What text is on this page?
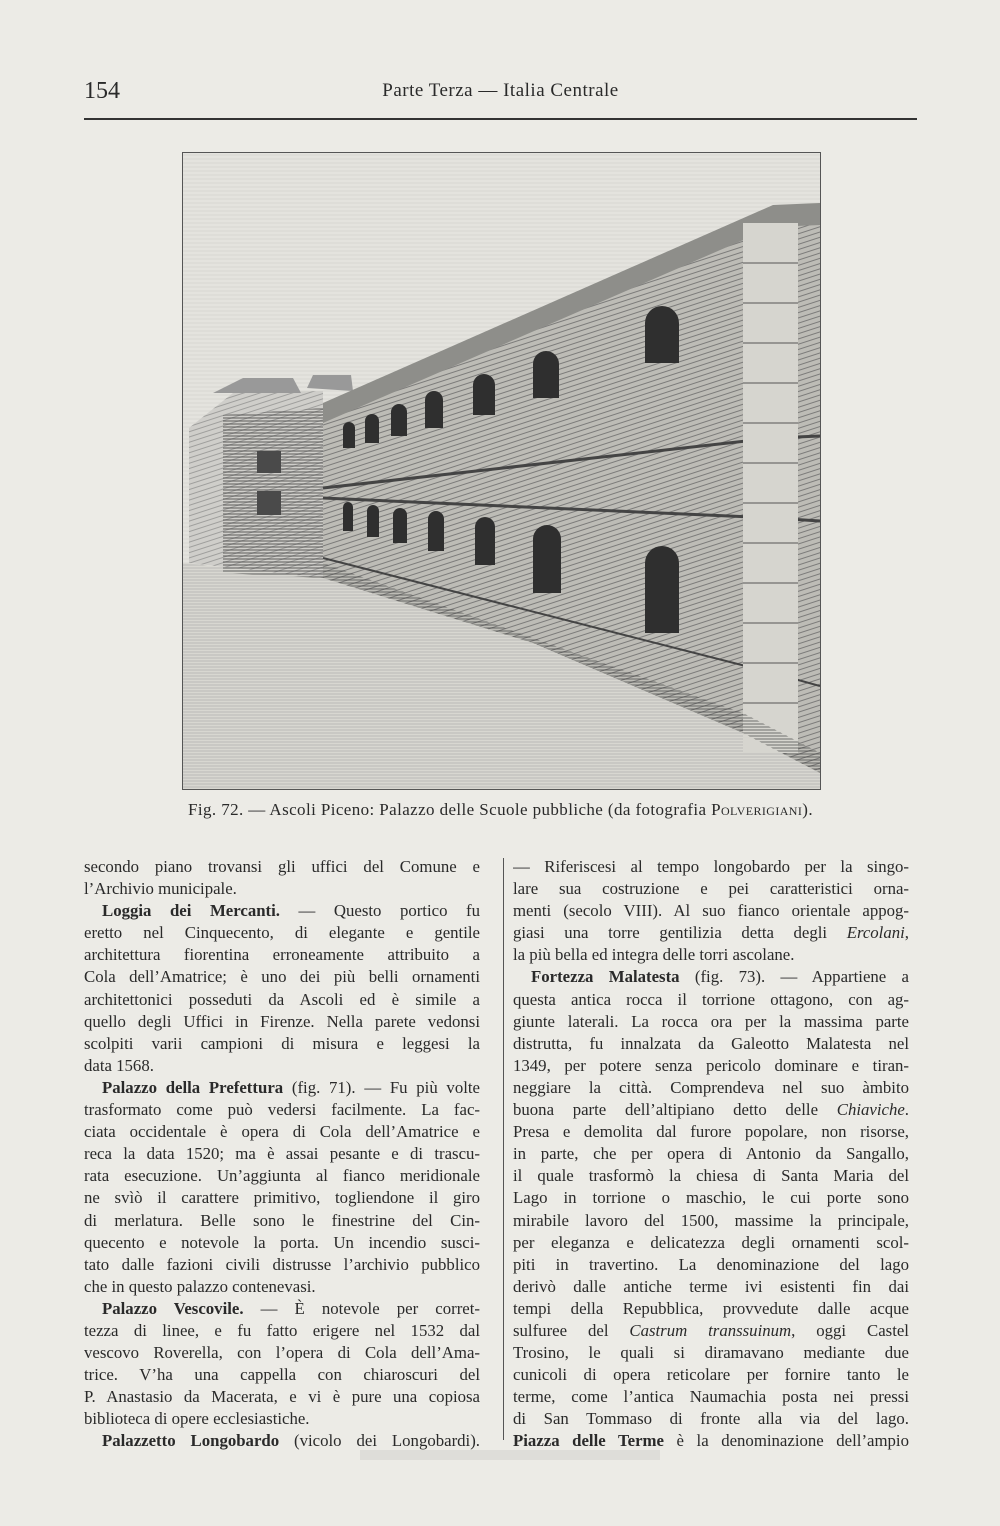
154	Parte Terza — Italia Centrale
Fig. 72. — Ascoli Piceno: Palazzo delle Scuole pubbliche (da fotografia Polverigiani).
secondo piano trovansi gli uffici del Comune e
l’Archivio municipale.
Loggia dei Mercanti. — Questo portico fu
eretto nel Cinquecento, di elegante e gentile
architettura fiorentina erroneamente attribuito a
Cola dell’Amatrice; è uno dei più belli ornamenti
architettonici posseduti da Ascoli ed è simile a
quello degli Uffici in Firenze. Nella parete vedonsi
scolpiti varii campioni di misura e leggesi la
data 1568.
Palazzo della Prefettura (fig. 71). — Fu più volte
trasformato come può vedersi facilmente. La fac-
ciata occidentale è opera di Cola dell’Amatrice e
reca la data 1520; ma è assai pesante e di trascu-
rata esecuzione. Un’aggiunta al fianco meridionale
ne svìò il carattere primitivo, togliendone il giro
di merlatura. Belle sono le finestrine del Cin-
quecento e notevole la porta. Un incendio susci-
tato dalle fazioni civili distrusse l’archivio pubblico
che in questo palazzo contenevasi.
Palazzo Vescovile. — È notevole per corret-
tezza di linee, e fu fatto erigere nel 1532 dal
vescovo Roverella, con l’opera di Cola dell’Ama-
trice. V’ha una cappella con chiaroscuri del
P. Anastasio da Macerata, e vi è pure una copiosa
biblioteca di opere ecclesiastiche.
Palazzetto Longobardo (vicolo dei Longobardi).
— Riferiscesi al tempo longobardo per la singo-
lare sua costruzione e pei caratteristici orna-
menti (secolo VIII). Al suo fianco orientale appog-
giasi una torre gentilizia detta degli Ercolani,
la più bella ed integra delle torri ascolane.
Fortezza Malatesta (fig. 73). — Appartiene a
questa antica rocca il torrione ottagono, con ag-
giunte laterali. La rocca ora per la massima parte
distrutta, fu innalzata da Galeotto Malatesta nel
1349, per potere senza pericolo dominare e tiran-
neggiare la città. Comprendeva nel suo àmbito
buona parte dell’altipiano detto delle Chiaviche.
Presa e demolita dal furore popolare, non risorse,
in parte, che per opera di Antonio da Sangallo,
il quale trasformò la chiesa di Santa Maria del
Lago in torrione o maschio, le cui porte sono
mirabile lavoro del 1500, massime la principale,
per eleganza e delicatezza degli ornamenti scol-
piti in travertino. La denominazione del lago
derivò dalle antiche terme ivi esistenti fin dai
tempi della Repubblica, provvedute dalle acque
sulfuree del Castrum transsuinum, oggi Castel
Trosino, le quali si diramavano mediante due
cunicoli di opera reticolare per fornire tanto le
terme, come l’antica Naumachia posta nei pressi
di San Tommaso di fronte alla via del lago.
Piazza delle Terme è la denominazione dell’ampio
